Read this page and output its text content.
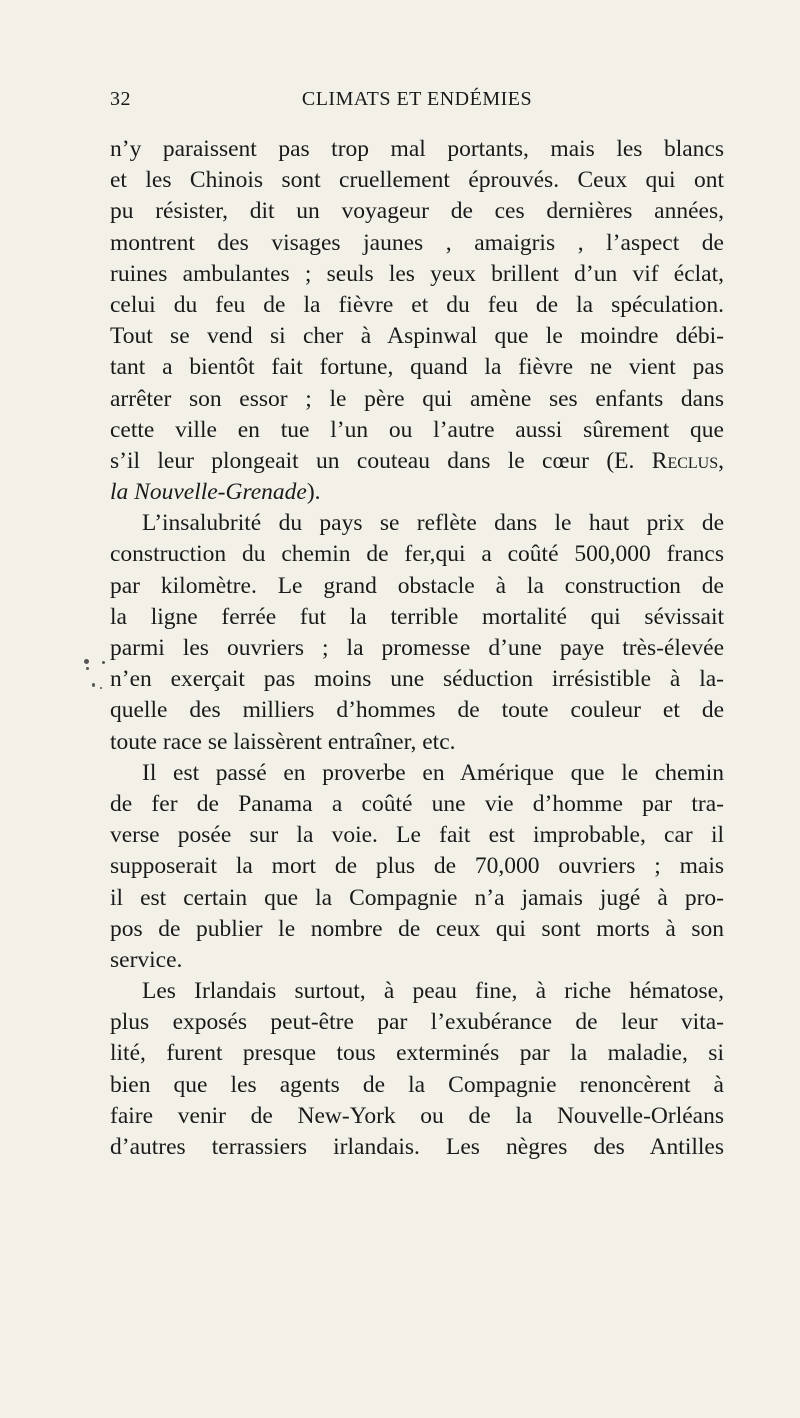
32	CLIMATS ET ENDÉMIES
n’y paraissent pas trop mal portants, mais les blancs
et les Chinois sont cruellement éprouvés. Ceux qui ont
pu résister, dit un voyageur de ces dernières années,
montrent des visages jaunes , amaigris , l’aspect de
ruines ambulantes ; seuls les yeux brillent d’un vif éclat,
celui du feu de la fièvre et du feu de la spéculation.
Tout se vend si cher à Aspinwal que le moindre débi-
tant a bientôt fait fortune, quand la fièvre ne vient pas
arrêter son essor ; le père qui amène ses enfants dans
cette ville en tue l’un ou l’autre aussi sûrement que
s’il leur plongeait un couteau dans le cœur (E. Reclus,
la Nouvelle-Grenade).
L’insalubrité du pays se reflète dans le haut prix de
construction du chemin de fer,qui a coûté 500,000 francs
par kilomètre. Le grand obstacle à la construction de
la ligne ferrée fut la terrible mortalité qui sévissait
parmi les ouvriers ; la promesse d’une paye très-élevée
n’en exerçait pas moins une séduction irrésistible à la-
quelle des milliers d’hommes de toute couleur et de
toute race se laissèrent entraîner, etc.
Il est passé en proverbe en Amérique que le chemin
de fer de Panama a coûté une vie d’homme par tra-
verse posée sur la voie. Le fait est improbable, car il
supposerait la mort de plus de 70,000 ouvriers ; mais
il est certain que la Compagnie n’a jamais jugé à pro-
pos de publier le nombre de ceux qui sont morts à son
service.
Les Irlandais surtout, à peau fine, à riche hématose,
plus exposés peut-être par l’exubérance de leur vita-
lité, furent presque tous exterminés par la maladie, si
bien que les agents de la Compagnie renoncèrent à
faire venir de New-York ou de la Nouvelle-Orléans
d’autres terrassiers irlandais. Les nègres des Antilles
